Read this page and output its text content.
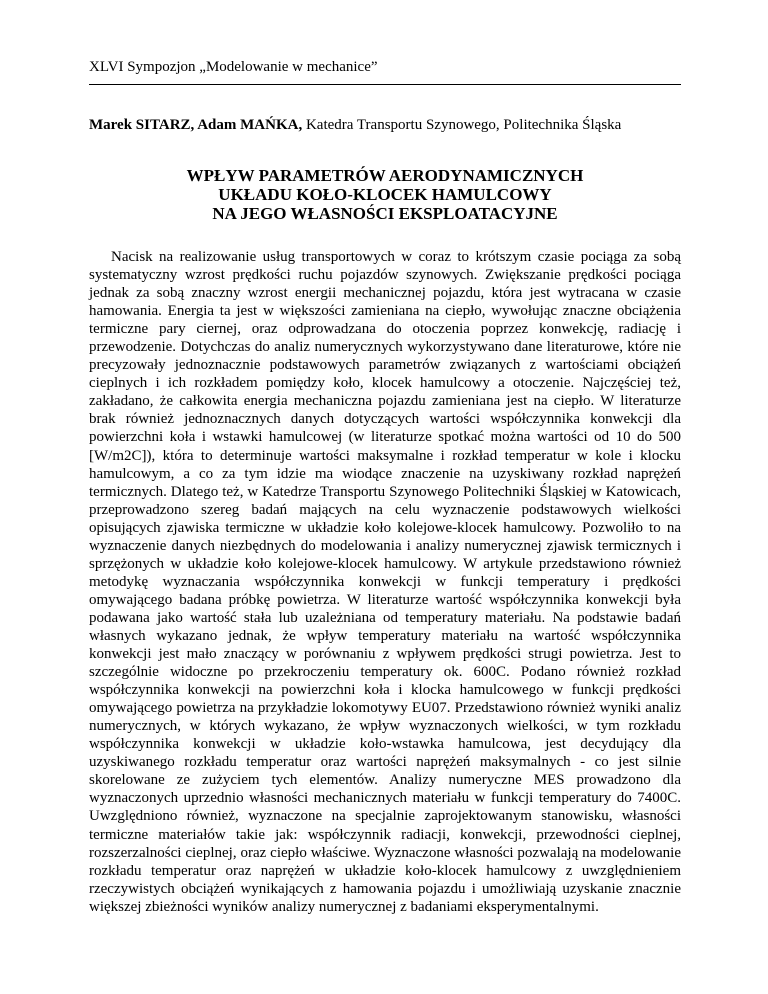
XLVI Sympozjon „Modelowanie w mechanice”
Marek SITARZ, Adam MAŃKA, Katedra Transportu Szynowego, Politechnika Śląska
WPŁYW PARAMETRÓW AERODYNAMICZNYCH
UKŁADU KOŁO-KLOCEK HAMULCOWY
NA JEGO WŁASNOŚCI EKSPLOATACYJNE
Nacisk na realizowanie usług transportowych w coraz to krótszym czasie pociąga za sobą systematyczny wzrost prędkości ruchu pojazdów szynowych. Zwiększanie prędkości pociąga jednak za sobą znaczny wzrost energii mechanicznej pojazdu, która jest wytracana w czasie hamowania. Energia ta jest w większości zamieniana na ciepło, wywołując znaczne obciążenia termiczne pary ciernej, oraz odprowadzana do otoczenia poprzez konwekcję, radiację i przewodzenie. Dotychczas do analiz numerycznych wykorzystywano dane literaturowe, które nie precyzowały jednoznacznie podstawowych parametrów związanych z wartościami obciążeń cieplnych i ich rozkładem pomiędzy koło, klocek hamulcowy a otoczenie. Najczęściej też, zakładano, że całkowita energia mechaniczna pojazdu zamieniana jest na ciepło. W literaturze brak również jednoznacznych danych dotyczących wartości współczynnika konwekcji dla powierzchni koła i wstawki hamulcowej (w literaturze spotkać można wartości od 10 do 500 [W/m2C]), która to determinuje wartości maksymalne i rozkład temperatur w kole i klocku hamulcowym, a co za tym idzie ma wiodące znaczenie na uzyskiwany rozkład naprężeń termicznych. Dlatego też, w Katedrze Transportu Szynowego Politechniki Śląskiej w Katowicach, przeprowadzono szereg badań mających na celu wyznaczenie podstawowych wielkości opisujących zjawiska termiczne w układzie koło kolejowe-klocek hamulcowy. Pozwoliło to na wyznaczenie danych niezbędnych do modelowania i analizy numerycznej zjawisk termicznych i sprzężonych w układzie koło kolejowe-klocek hamulcowy. W artykule przedstawiono również metodykę wyznaczania współczynnika konwekcji w funkcji temperatury i prędkości omywającego badana próbkę powietrza. W literaturze wartość współczynnika konwekcji była podawana jako wartość stała lub uzależniana od temperatury materiału. Na podstawie badań własnych wykazano jednak, że wpływ temperatury materiału na wartość współczynnika konwekcji jest mało znaczący w porównaniu z wpływem prędkości strugi powietrza. Jest to szczególnie widoczne po przekroczeniu temperatury ok. 600C. Podano również rozkład współczynnika konwekcji na powierzchni koła i klocka hamulcowego w funkcji prędkości omywającego powietrza na przykładzie lokomotywy EU07. Przedstawiono również wyniki analiz numerycznych, w których wykazano, że wpływ wyznaczonych wielkości, w tym rozkładu współczynnika konwekcji w układzie koło-wstawka hamulcowa, jest decydujący dla uzyskiwanego rozkładu temperatur oraz wartości naprężeń maksymalnych - co jest silnie skorelowane ze zużyciem tych elementów. Analizy numeryczne MES prowadzono dla wyznaczonych uprzednio własności mechanicznych materiału w funkcji temperatury do 7400C. Uwzględniono również, wyznaczone na specjalnie zaprojektowanym stanowisku, własności termiczne materiałów takie jak: współczynnik radiacji, konwekcji, przewodności cieplnej, rozszerzalności cieplnej, oraz ciepło właściwe. Wyznaczone własności pozwalają na modelowanie rozkładu temperatur oraz naprężeń w układzie koło-klocek hamulcowy z uwzględnieniem rzeczywistych obciążeń wynikających z hamowania pojazdu i umożliwiają uzyskanie znacznie większej zbieżności wyników analizy numerycznej z badaniami eksperymentalnymi.
